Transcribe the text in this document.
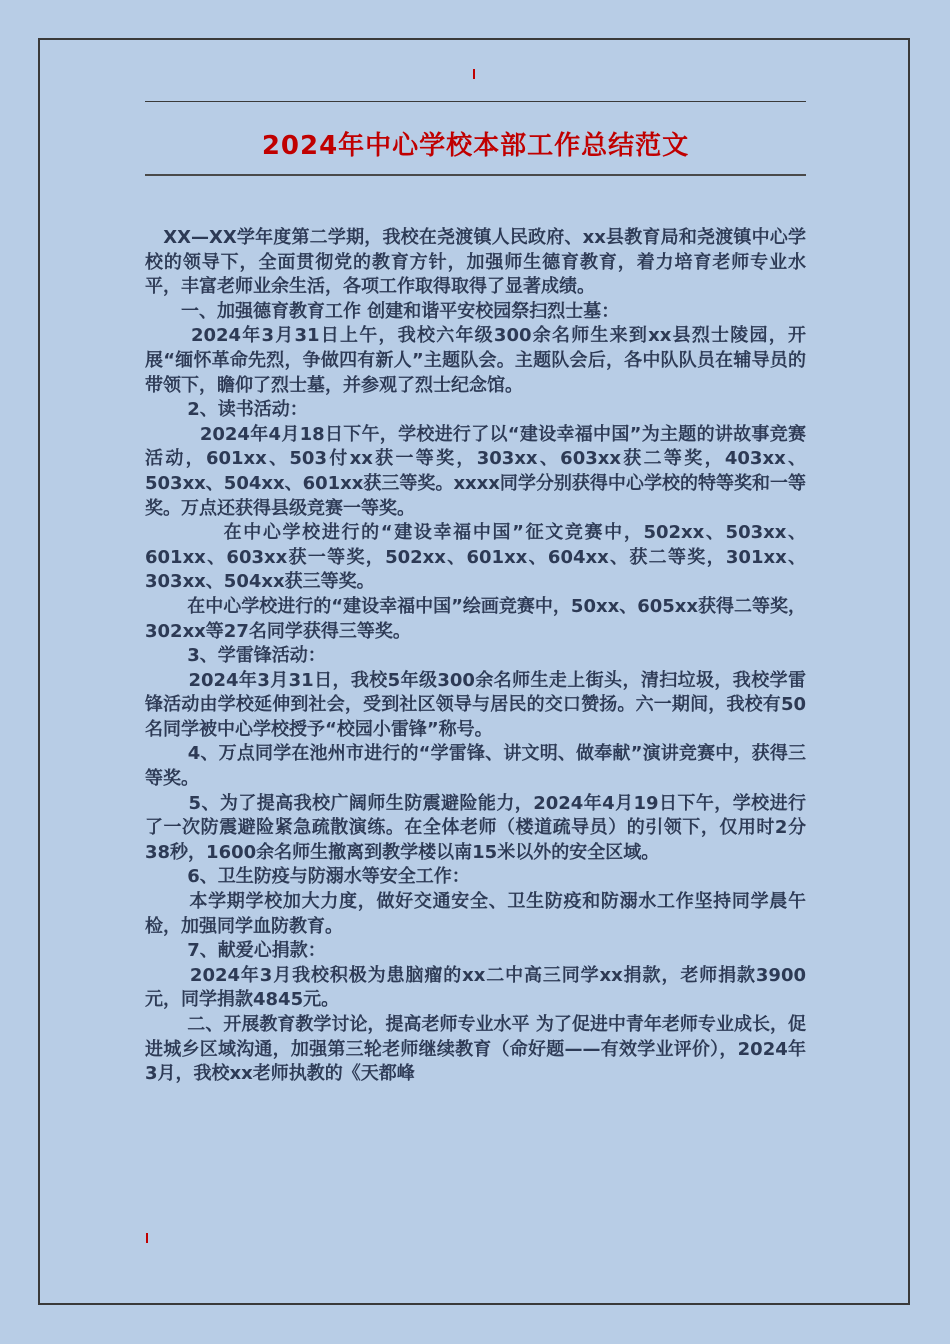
2024年中心学校本部工作总结范文

　XX—XX学年度第二学期，我校在尧渡镇人民政府、xx县教育局和尧渡镇中心学校的领导下，全面贯彻党的教育方针，加强师生德育教育，着力培育老师专业水平，丰富老师业余生活，各项工作取得取得了显著成绩。

　　一、加强德育教育工作 创建和谐平安校园祭扫烈士墓：

　　 2024年3月31日上午，我校六年级300余名师生来到xx县烈士陵园，开展“缅怀革命先烈，争做四有新人”主题队会。主题队会后，各中队队员在辅导员的带领下，瞻仰了烈士墓，并参观了烈士纪念馆。

　　 2、读书活动：

　　　2024年4月18日下午，学校进行了以“建设幸福中国”为主题的讲故事竞赛活动，601xx、503付xx获一等奖，303xx、603xx获二等奖，403xx、503xx、504xx、601xx获三等奖。xxxx同学分别获得中心学校的特等奖和一等奖。万点还获得县级竞赛一等奖。

　　　　在中心学校进行的“建设幸福中国”征文竞赛中，502xx、503xx、601xx、603xx获一等奖，502xx、601xx、604xx、获二等奖，301xx、303xx、504xx获三等奖。

　　 在中心学校进行的“建设幸福中国”绘画竞赛中，50xx、605xx获得二等奖，302xx等27名同学获得三等奖。

　　 3、学雷锋活动：

　　 2024年3月31日，我校5年级300余名师生走上街头，清扫垃圾，我校学雷锋活动由学校延伸到社会，受到社区领导与居民的交口赞扬。六一期间，我校有50名同学被中心学校授予“校园小雷锋”称号。

　　 4、万点同学在池州市进行的“学雷锋、讲文明、做奉献”演讲竞赛中，获得三等奖。

　　 5、为了提高我校广阔师生防震避险能力，2024年4月19日下午，学校进行了一次防震避险紧急疏散演练。在全体老师（楼道疏导员）的引领下，仅用时2分38秒，1600余名师生撤离到教学楼以南15米以外的安全区域。

　　 6、卫生防疫与防溺水等安全工作：

　　 本学期学校加大力度，做好交通安全、卫生防疫和防溺水工作坚持同学晨午检，加强同学血防教育。

　　 7、献爱心捐款：

　　 2024年3月我校积极为患脑瘤的xx二中高三同学xx捐款，老师捐款3900元，同学捐款4845元。

　　 二、开展教育教学讨论，提高老师专业水平 为了促进中青年老师专业成长，促进城乡区域沟通，加强第三轮老师继续教育（命好题——有效学业评价），2024年3月，我校xx老师执教的《天都峰
